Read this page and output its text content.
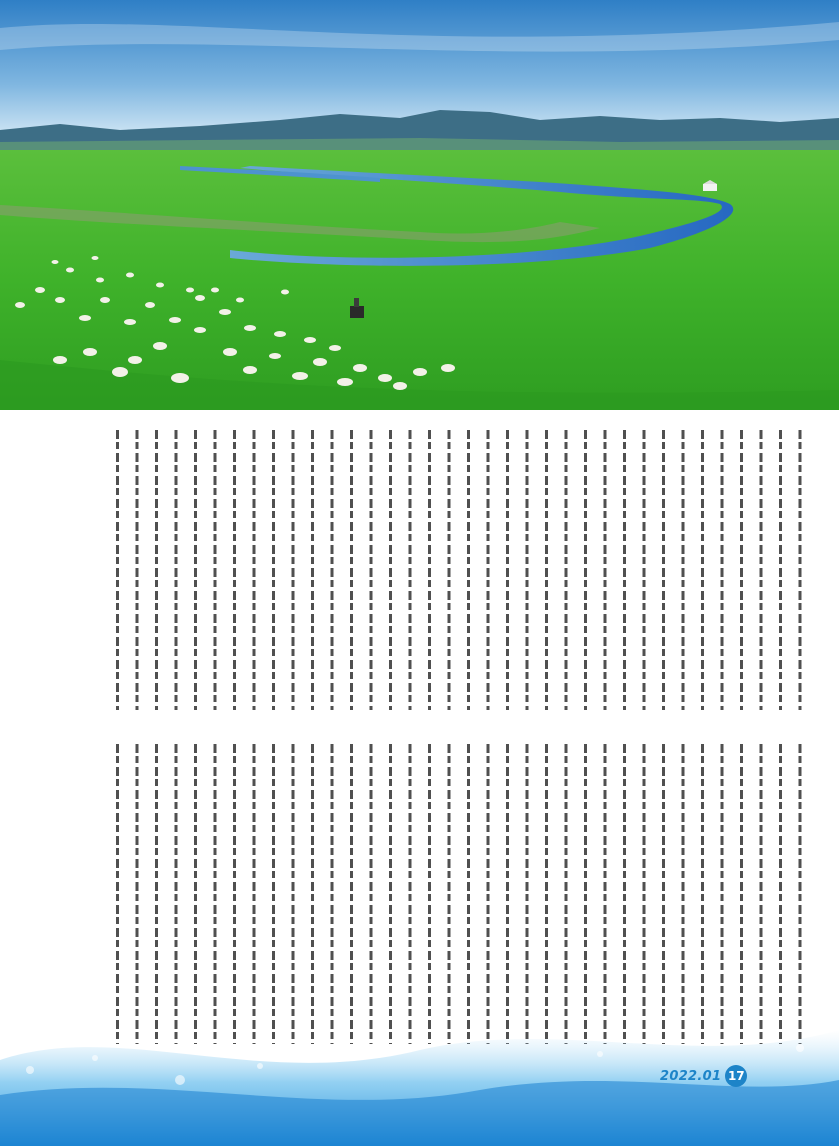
2022.01 17
